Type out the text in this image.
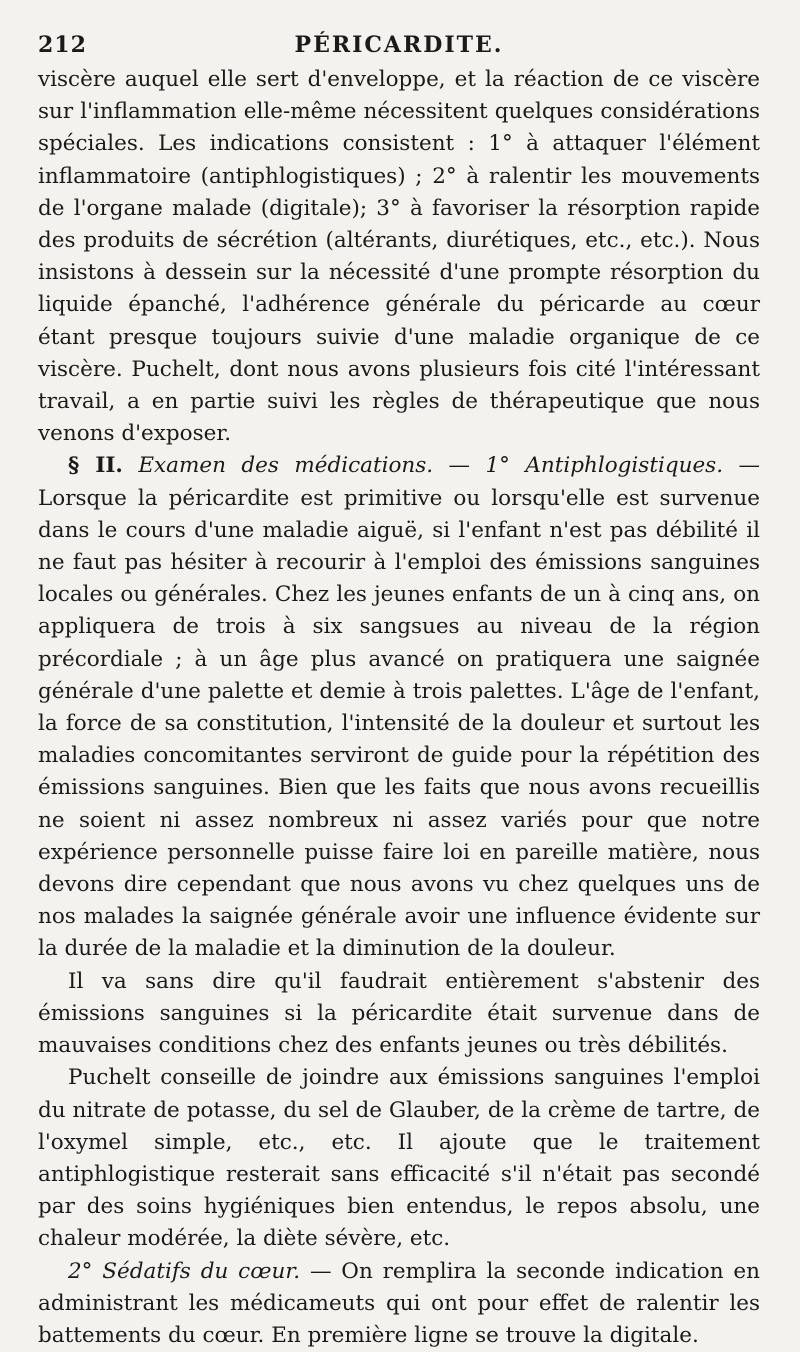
212	PÉRICARDITE.

viscère auquel elle sert d'enveloppe, et la réaction de ce viscère sur l'inflammation elle-même nécessitent quelques considérations spéciales. Les indications consistent : 1° à attaquer l'élément inflammatoire (antiphlogistiques) ; 2° à ralentir les mouvements de l'organe malade (digitale); 3° à favoriser la résorption rapide des produits de sécrétion (altérants, diurétiques, etc., etc.). Nous insistons à dessein sur la nécessité d'une prompte résorption du liquide épanché, l'adhérence générale du péricarde au cœur étant presque toujours suivie d'une maladie organique de ce viscère. Puchelt, dont nous avons plusieurs fois cité l'intéressant travail, a en partie suivi les règles de thérapeutique que nous venons d'exposer.

§ II. Examen des médications. — 1° Antiphlogistiques. — Lorsque la péricardite est primitive ou lorsqu'elle est survenue dans le cours d'une maladie aiguë, si l'enfant n'est pas débilité il ne faut pas hésiter à recourir à l'emploi des émissions sanguines locales ou générales. Chez les jeunes enfants de un à cinq ans, on appliquera de trois à six sangsues au niveau de la région précordiale ; à un âge plus avancé on pratiquera une saignée générale d'une palette et demie à trois palettes. L'âge de l'enfant, la force de sa constitution, l'intensité de la douleur et surtout les maladies concomitantes serviront de guide pour la répétition des émissions sanguines. Bien que les faits que nous avons recueillis ne soient ni assez nombreux ni assez variés pour que notre expérience personnelle puisse faire loi en pareille matière, nous devons dire cependant que nous avons vu chez quelques uns de nos malades la saignée générale avoir une influence évidente sur la durée de la maladie et la diminution de la douleur.

Il va sans dire qu'il faudrait entièrement s'abstenir des émissions sanguines si la péricardite était survenue dans de mauvaises conditions chez des enfants jeunes ou très débilités.

Puchelt conseille de joindre aux émissions sanguines l'emploi du nitrate de potasse, du sel de Glauber, de la crème de tartre, de l'oxymel simple, etc., etc. Il ajoute que le traitement antiphlogistique resterait sans efficacité s'il n'était pas secondé par des soins hygiéniques bien entendus, le repos absolu, une chaleur modérée, la diète sévère, etc.

2° Sédatifs du cœur. — On remplira la seconde indication en administrant les médicameuts qui ont pour effet de ralentir les battements du cœur. En première ligne se trouve la digitale.
